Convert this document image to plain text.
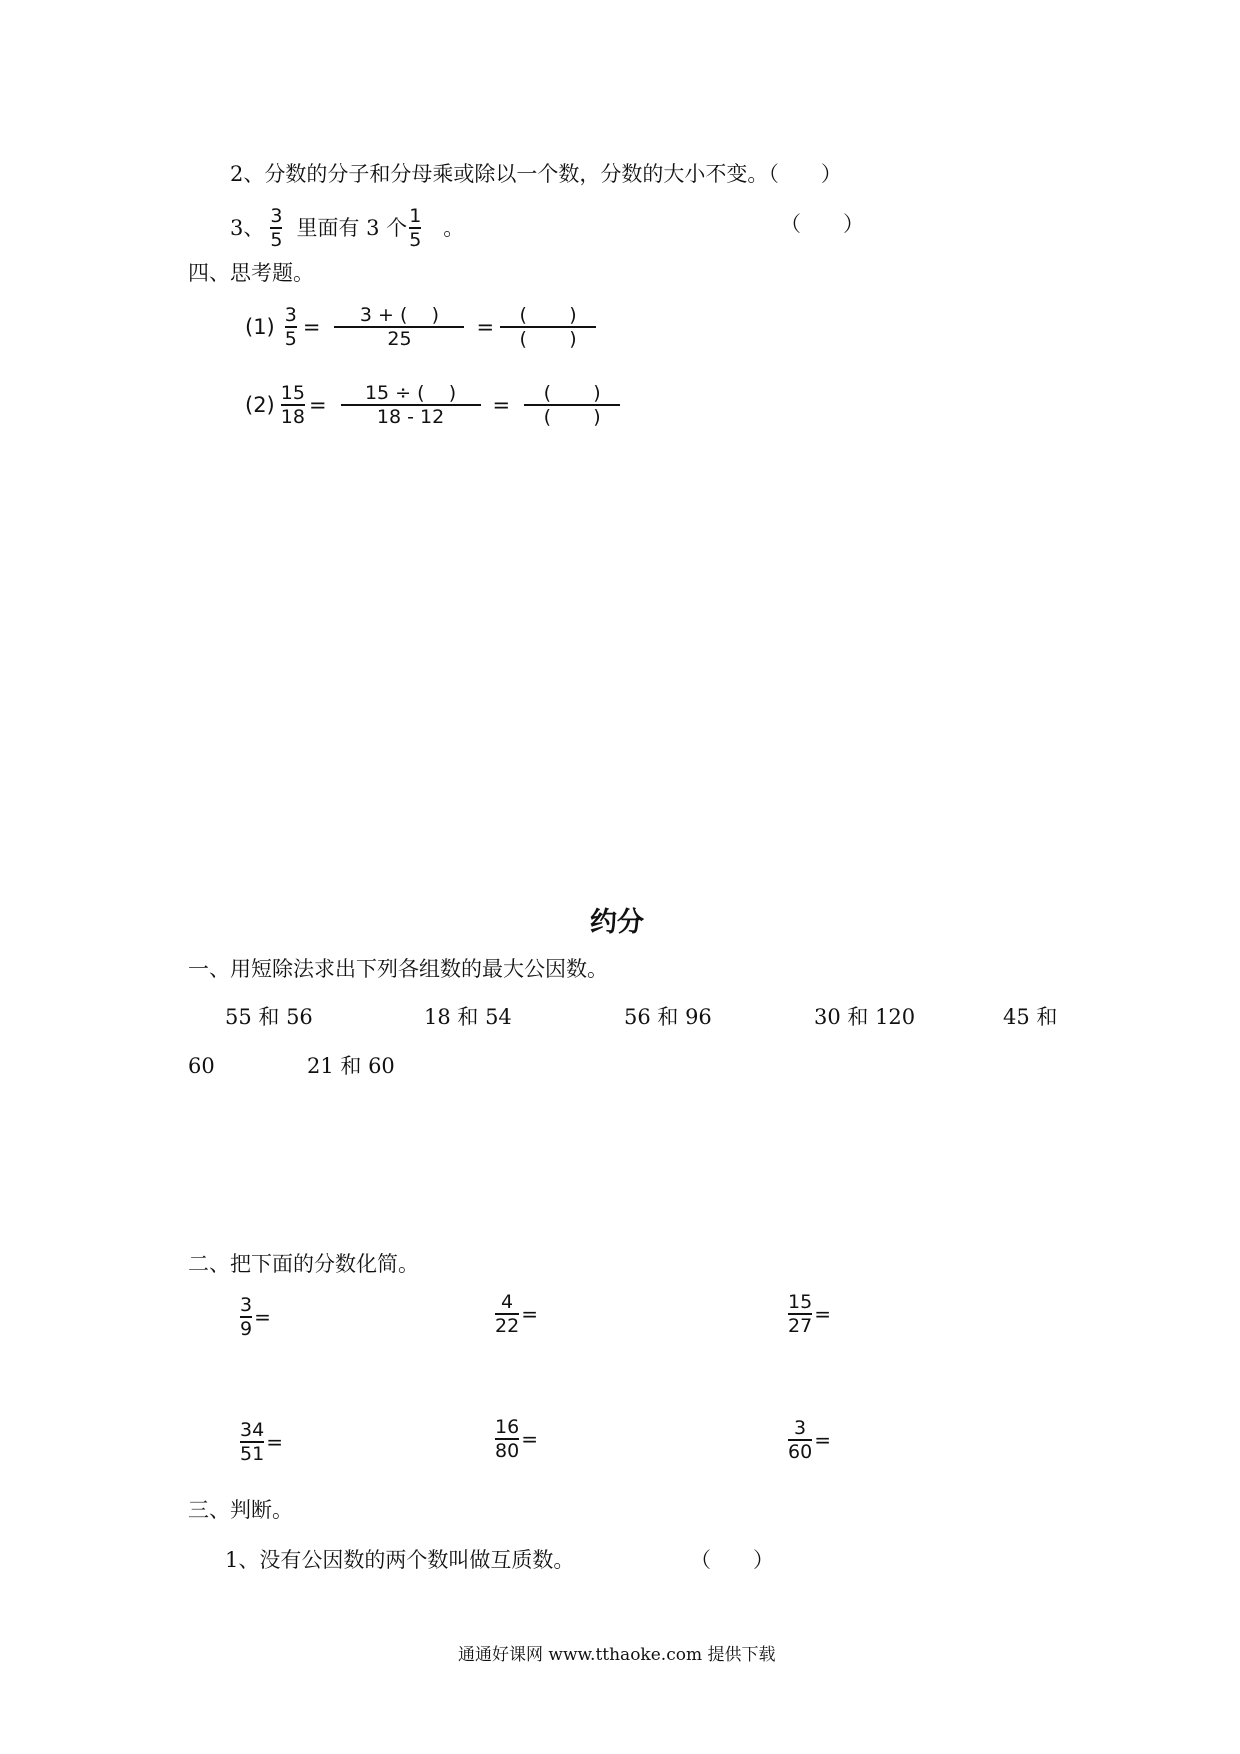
2、分数的分子和分母乘或除以一个数，分数的大小不变。（　　）
3、 $\frac{3}{5}$ 里面有 3 个 $\frac{1}{5}$ 。	（　　）
四、思考题。
$(1) \frac{3}{5} = \frac{3 + ( )}{25} = \frac{( )}{( )}$
$(2) \frac{15}{18} = \frac{15 \div ( )}{18 - 12} = \frac{( )}{( )}$
约分
一、用短除法求出下列各组数的最大公因数。
55 和 56	18 和 54	56 和 96	30 和 120	45 和
60	21 和 60
二、把下面的分数化简。
$\frac{3}{9}$ =	$\frac{4}{22}$ =	$\frac{15}{27}$ =
$\frac{34}{51}$ =	$\frac{16}{80}$ =	$\frac{3}{60}$ =
三、判断。
1、没有公因数的两个数叫做互质数。	（　　）
通通好课网 www.tthaoke.com 提供下载
